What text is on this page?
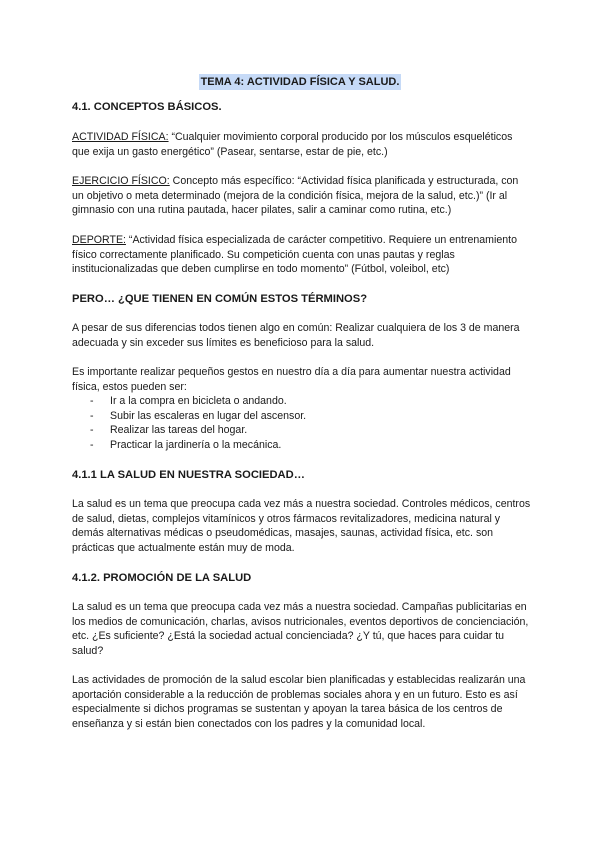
TEMA 4: ACTIVIDAD FÍSICA Y SALUD.
4.1. CONCEPTOS BÁSICOS.

ACTIVIDAD FÍSICA: “Cualquier movimiento corporal producido por los músculos esqueléticos que exija un gasto energético” (Pasear, sentarse, estar de pie, etc.)

EJERCICIO FÍSICO: Concepto más específico: “Actividad física planificada y estructurada, con un objetivo o meta determinado (mejora de la condición física, mejora de la salud, etc.)” (Ir al gimnasio con una rutina pautada, hacer pilates, salir a caminar como rutina, etc.)

DEPORTE: “Actividad física especializada de carácter competitivo. Requiere un entrenamiento físico correctamente planificado. Su competición cuenta con unas pautas y reglas institucionalizadas que deben cumplirse en todo momento” (Fútbol, voleibol, etc)

PERO… ¿QUE TIENEN EN COMÚN ESTOS TÉRMINOS?

A pesar de sus diferencias todos tienen algo en común: Realizar cualquiera de los 3 de manera adecuada y sin exceder sus límites es beneficioso para la salud.

Es importante realizar pequeños gestos en nuestro día a día para aumentar nuestra actividad física, estos pueden ser:

- Ir a la compra en bicicleta o andando.
- Subir las escaleras en lugar del ascensor.
- Realizar las tareas del hogar.
- Practicar la jardinería o la mecánica.
4.1.1 LA SALUD EN NUESTRA SOCIEDAD…

La salud es un tema que preocupa cada vez más a nuestra sociedad. Controles médicos, centros de salud, dietas, complejos vitamínicos y otros fármacos revitalizadores, medicina natural y demás alternativas médicas o pseudomédicas, masajes, saunas, actividad física, etc. son prácticas que actualmente están muy de moda.

4.1.2. PROMOCIÓN DE LA SALUD

La salud es un tema que preocupa cada vez más a nuestra sociedad. Campañas publicitarias en los medios de comunicación, charlas, avisos nutricionales, eventos deportivos de concienciación, etc. ¿Es suficiente? ¿Está la sociedad actual concienciada? ¿Y tú, que haces para cuidar tu salud?

Las actividades de promoción de la salud escolar bien planificadas y establecidas realizarán una aportación considerable a la reducción de problemas sociales ahora y en un futuro. Esto es así especialmente si dichos programas se sustentan y apoyan la tarea básica de los centros de enseñanza y si están bien conectados con los padres y la comunidad local.
